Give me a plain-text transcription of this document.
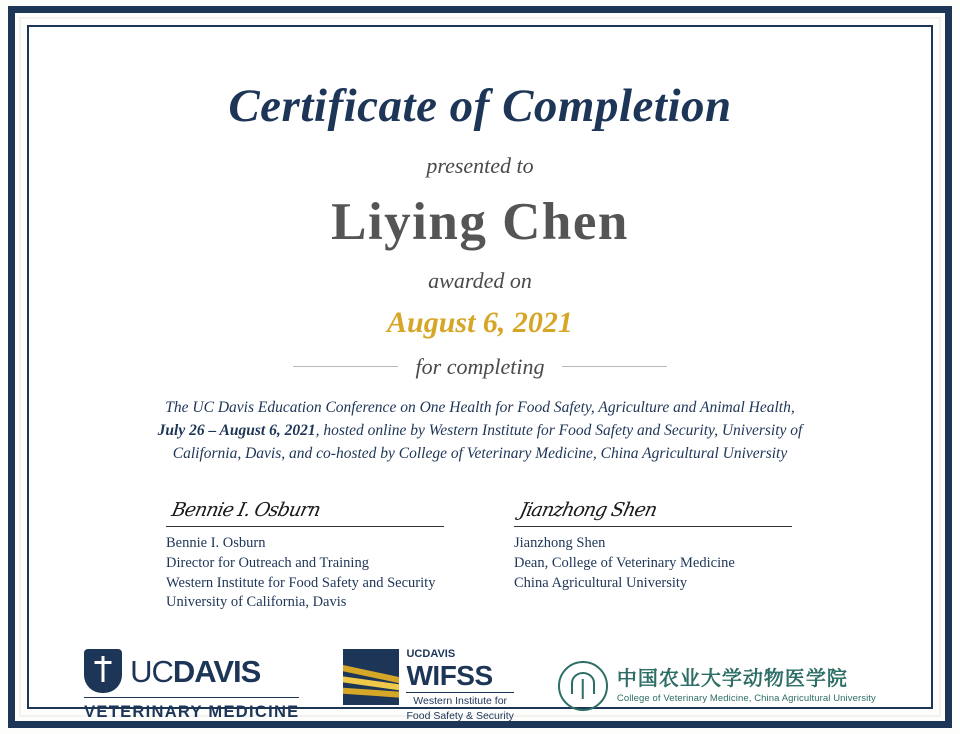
Certificate of Completion
presented to
Liying Chen
awarded on
August 6, 2021
for completing
The UC Davis Education Conference on One Health for Food Safety, Agriculture and Animal Health, July 26 – August 6, 2021, hosted online by Western Institute for Food Safety and Security, University of California, Davis, and co-hosted by College of Veterinary Medicine, China Agricultural University
Bennie I. Osburn
Bennie I. Osburn
Director for Outreach and Training
Western Institute for Food Safety and Security
University of California, Davis
Jianzhong Shen
Jianzhong Shen
Dean, College of Veterinary Medicine
China Agricultural University
UCDAVIS
VETERINARY MEDICINE
UCDAVIS
WIFSS
Western Institute for
Food Safety & Security
中国农业大学动物医学院
College of Veterinary Medicine, China Agricultural University
